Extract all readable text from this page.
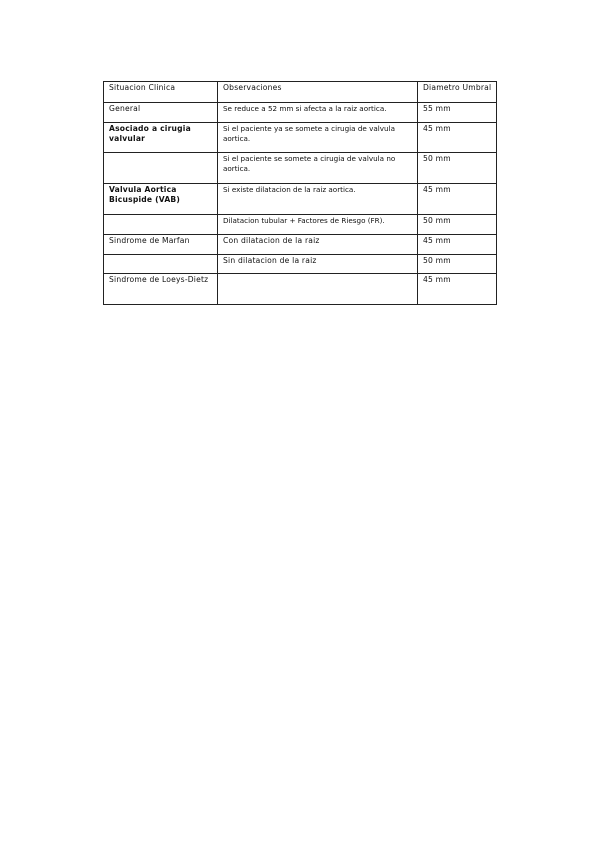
Situacion Clinica	Observaciones	Diametro Umbral
General	Se reduce a 52 mm si afecta a la raiz aortica.	55 mm
Asociado a cirugia valvular	Si el paciente ya se somete a cirugia de valvula aortica.	45 mm
	Si el paciente se somete a cirugia de valvula no aortica.	50 mm
Valvula Aortica Bicuspide (VAB)	Si existe dilatacion de la raiz aortica.	45 mm
	Dilatacion tubular + Factores de Riesgo (FR).	50 mm
Sindrome de Marfan	Con dilatacion de la raiz	45 mm
	Sin dilatacion de la raiz	50 mm
Sindrome de Loeys-Dietz		45 mm
